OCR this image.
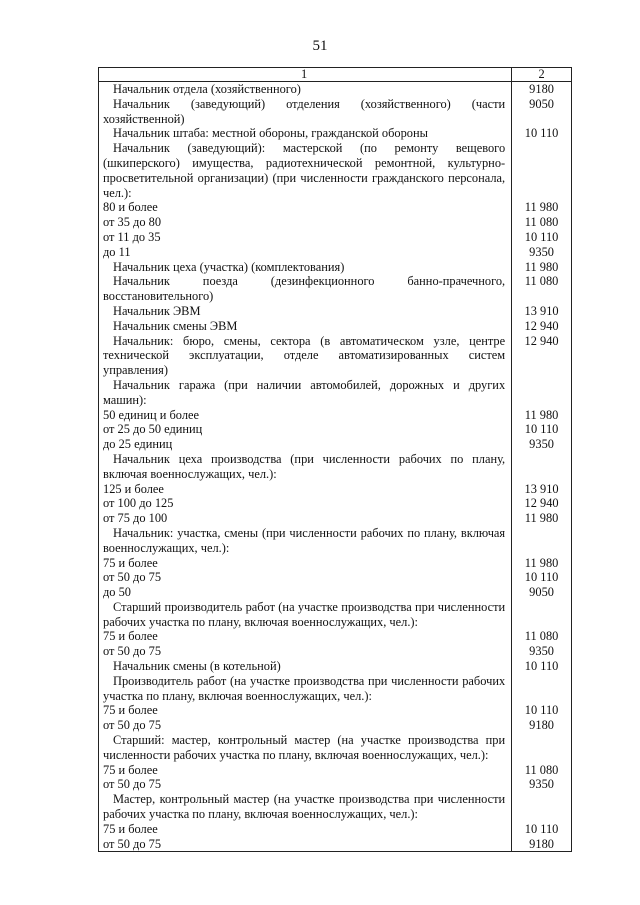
51
1	2
Начальник отдела (хозяйственного)	9180
Начальник (заведующий) отделения (хозяйственного) (части хозяйственной)	9050
Начальник штаба: местной обороны, гражданской обороны	10 110
Начальник (заведующий): мастерской (по ремонту вещевого (шкиперского) имущества, радиотехнической ремонтной, культурно-просветительной организации) (при численности гражданского персонала, чел.):	
80 и более	11 980
от 35 до 80	11 080
от 11 до 35	10 110
до 11	9350
Начальник цеха (участка) (комплектования)	11 980
Начальник поезда (дезинфекционного банно-прачечного, восстановительного)	11 080
Начальник ЭВМ	13 910
Начальник смены ЭВМ	12 940
Начальник: бюро, смены, сектора (в автоматическом узле, центре технической эксплуатации, отделе автоматизированных систем управления)	12 940
Начальник гаража (при наличии автомобилей, дорожных и других машин):	
50 единиц и более	11 980
от 25 до 50 единиц	10 110
до 25 единиц	9350
Начальник цеха производства (при численности рабочих по плану, включая военнослужащих, чел.):	
125 и более	13 910
от 100 до 125	12 940
от 75 до 100	11 980
Начальник: участка, смены (при численности рабочих по плану, включая военнослужащих, чел.):	
75 и более	11 980
от 50 до 75	10 110
до 50	9050
Старший производитель работ (на участке производства при численности рабочих участка по плану, включая военнослужащих, чел.):	
75 и более	11 080
от 50 до 75	9350
Начальник смены (в котельной)	10 110
Производитель работ (на участке производства при численности рабочих участка по плану, включая военнослужащих, чел.):	
75 и более	10 110
от 50 до 75	9180
Старший: мастер, контрольный мастер (на участке производства при численности рабочих участка по плану, включая военнослужащих, чел.):	
75 и более	11 080
от 50 до 75	9350
Мастер, контрольный мастер (на участке производства при численности рабочих участка по плану, включая военнослужащих, чел.):	
75 и более	10 110
от 50 до 75	9180
